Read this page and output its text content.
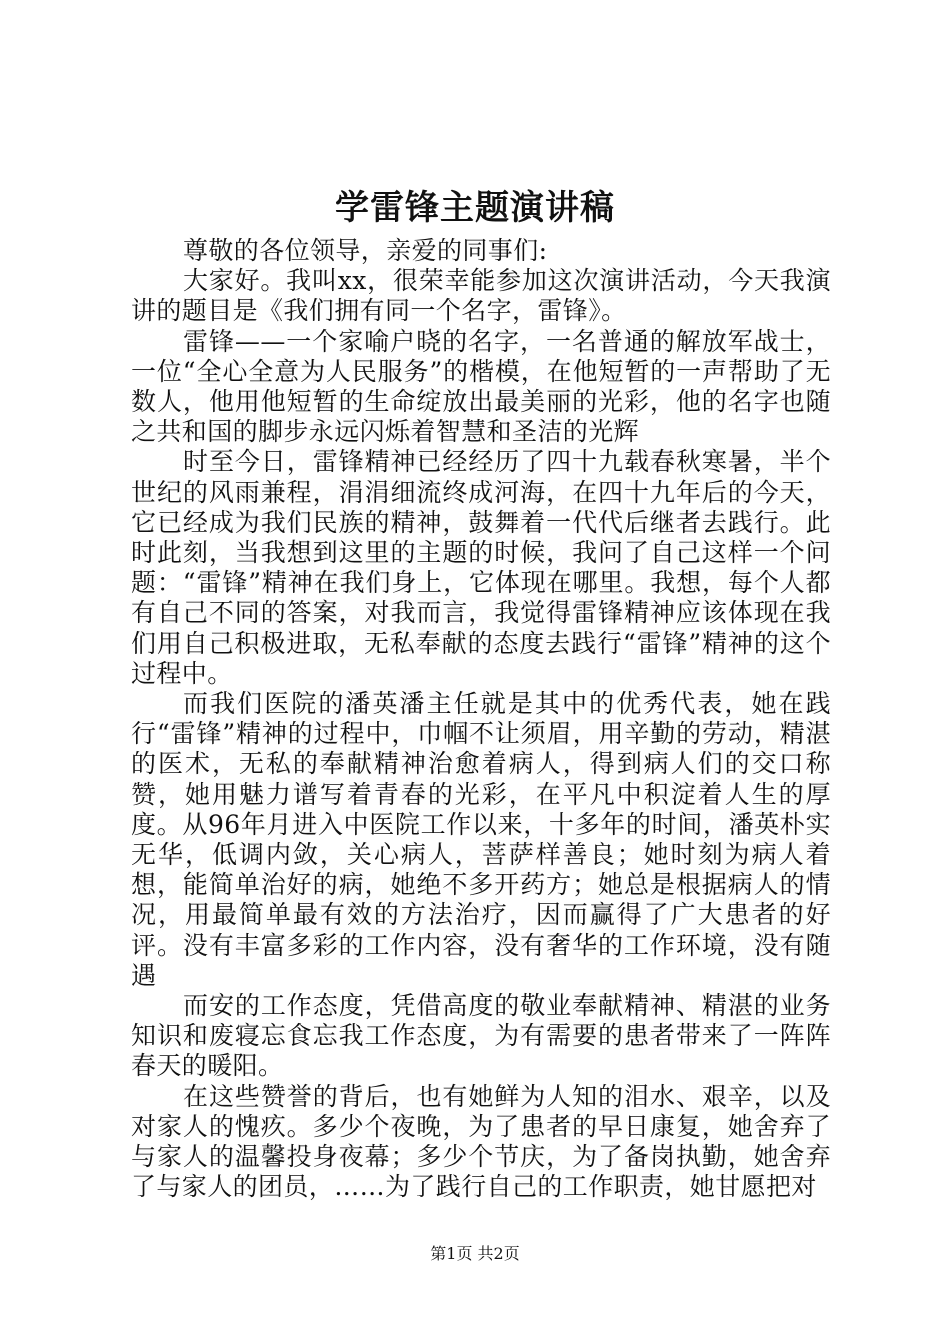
学雷锋主题演讲稿

尊敬的各位领导，亲爱的同事们:

大家好。我叫xx，很荣幸能参加这次演讲活动，今天我演讲的题目是《我们拥有同一个名字，雷锋》。

雷锋——一个家喻户晓的名字，一名普通的解放军战士，一位“全心全意为人民服务”的楷模，在他短暂的一声帮助了无数人，他用他短暂的生命绽放出最美丽的光彩，他的名字也随之共和国的脚步永远闪烁着智慧和圣洁的光辉

时至今日，雷锋精神已经经历了四十九载春秋寒暑，半个世纪的风雨兼程，涓涓细流终成河海，在四十九年后的今天，它已经成为我们民族的精神，鼓舞着一代代后继者去践行。此时此刻，当我想到这里的主题的时候，我问了自己这样一个问题：“雷锋”精神在我们身上，它体现在哪里。我想，每个人都有自己不同的答案，对我而言，我觉得雷锋精神应该体现在我们用自己积极进取，无私奉献的态度去践行“雷锋”精神的这个过程中。

而我们医院的潘英潘主任就是其中的优秀代表，她在践行“雷锋”精神的过程中，巾帼不让须眉，用辛勤的劳动，精湛的医术，无私的奉献精神治愈着病人，得到病人们的交口称赞，她用魅力谱写着青春的光彩，在平凡中积淀着人生的厚度。从96年月进入中医院工作以来，十多年的时间，潘英朴实无华，低调内敛，关心病人，菩萨样善良；她时刻为病人着想，能简单治好的病，她绝不多开药方；她总是根据病人的情况，用最简单最有效的方法治疗，因而赢得了广大患者的好评。没有丰富多彩的工作内容，没有奢华的工作环境，没有随遇

而安的工作态度，凭借高度的敬业奉献精神、精湛的业务知识和废寝忘食忘我工作态度，为有需要的患者带来了一阵阵春天的暖阳。

在这些赞誉的背后，也有她鲜为人知的泪水、艰辛，以及对家人的愧疚。多少个夜晚，为了患者的早日康复，她舍弃了与家人的温馨投身夜幕；多少个节庆，为了备岗执勤，她舍弃了与家人的团员，……为了践行自己的工作职责，她甘愿把对

第1页 共2页
